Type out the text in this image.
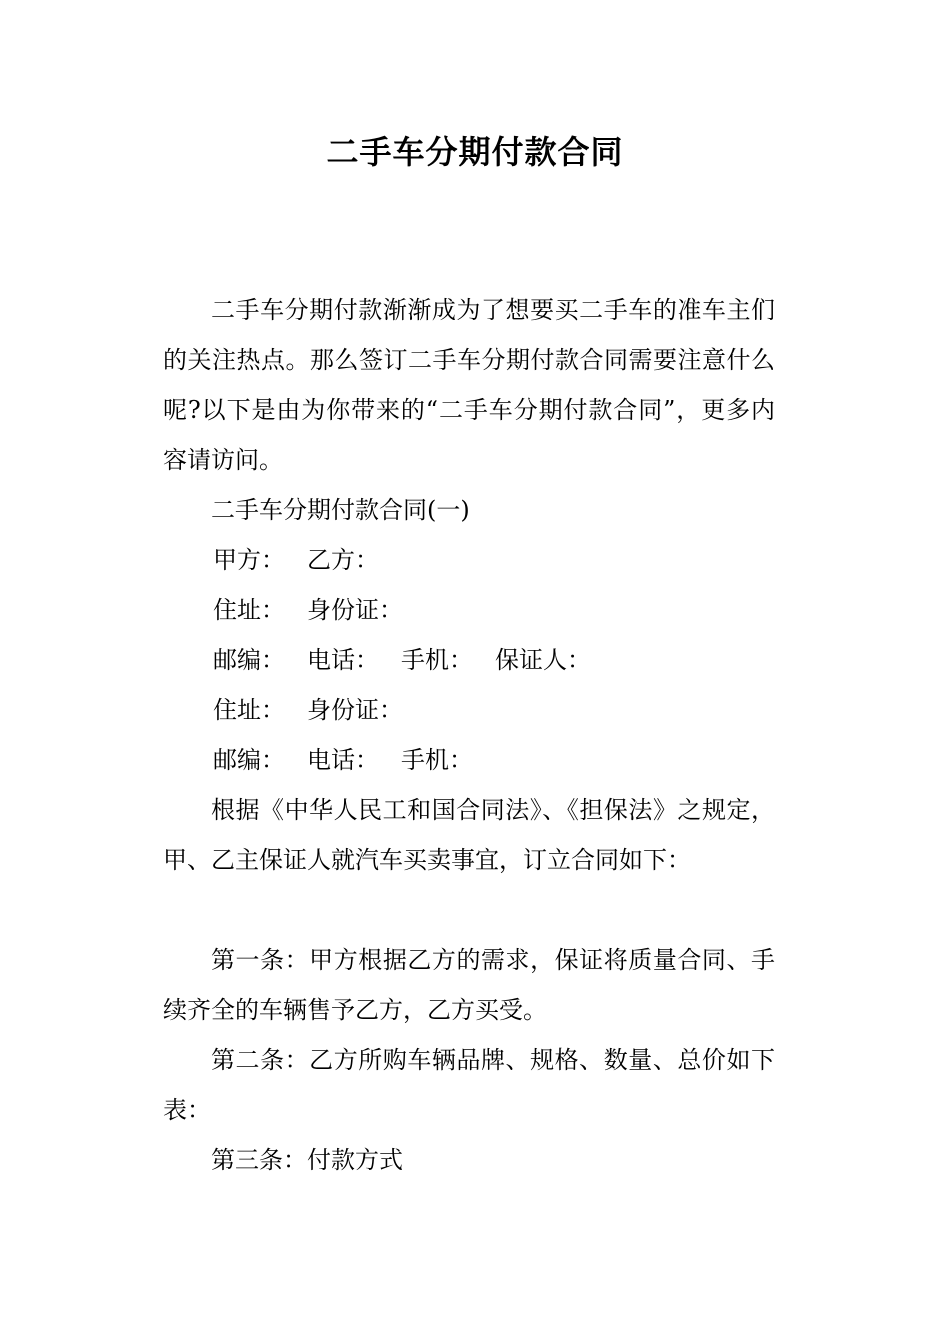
二手车分期付款合同

二手车分期付款渐渐成为了想要买二手车的准车主们的关注热点。那么签订二手车分期付款合同需要注意什么呢?以下是由为你带来的“二手车分期付款合同”，更多内容请访问。

二手车分期付款合同(一)

甲方： 乙方：
住址： 身份证：
邮编： 电话： 手机： 保证人：
住址： 身份证：
邮编： 电话： 手机：

根据《中华人民工和国合同法》、《担保法》之规定，甲、乙主保证人就汽车买卖事宜，订立合同如下：

第一条：甲方根据乙方的需求，保证将质量合同、手续齐全的车辆售予乙方，乙方买受。

第二条：乙方所购车辆品牌、规格、数量、总价如下表：

第三条：付款方式
